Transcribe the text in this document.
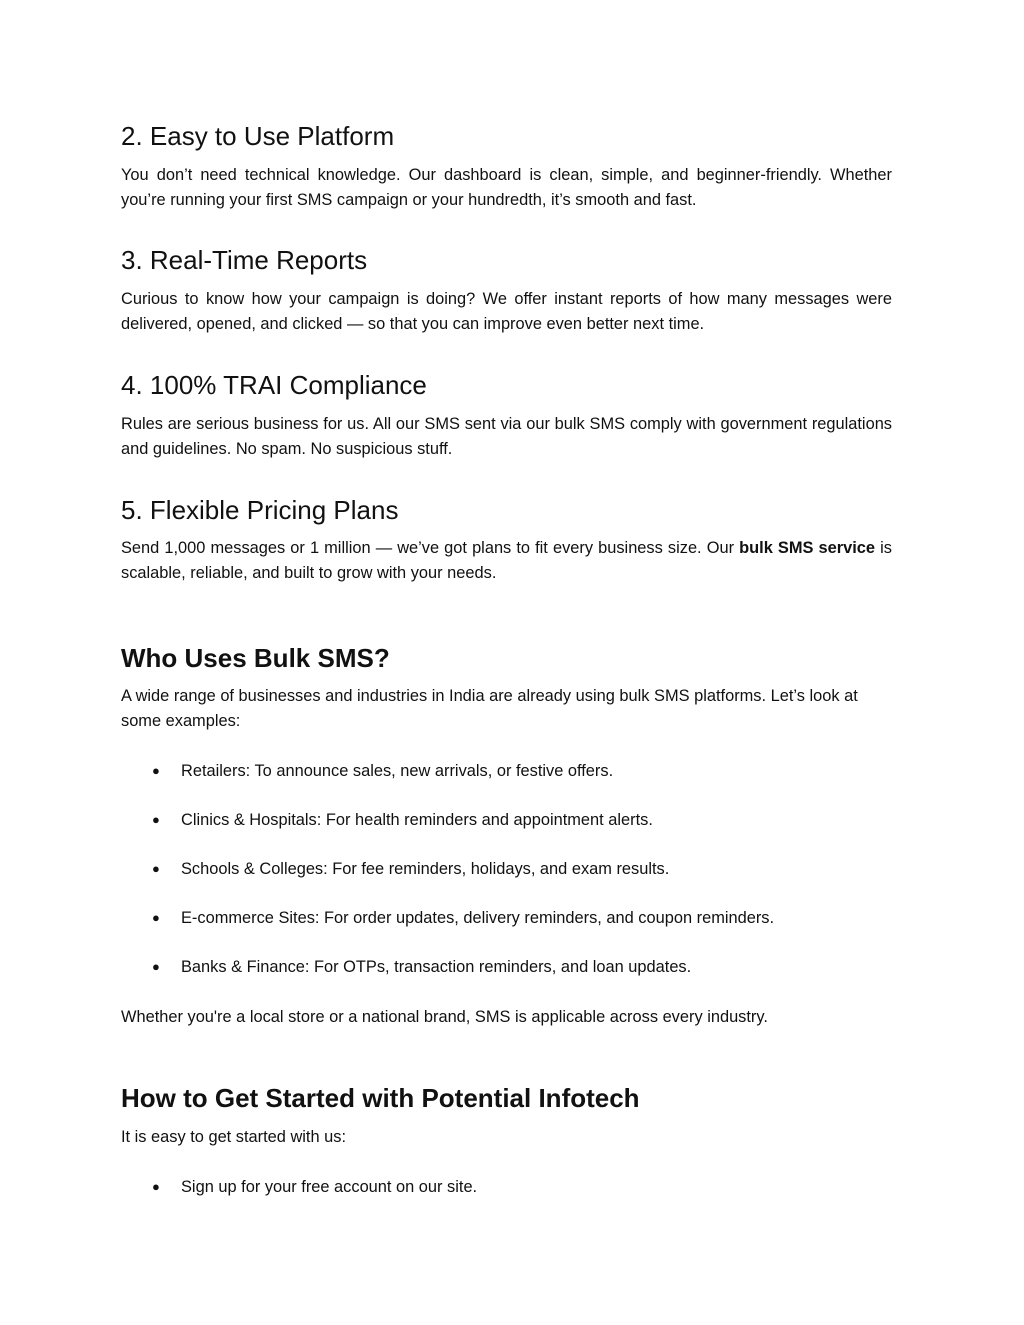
2. Easy to Use Platform

You don’t need technical knowledge. Our dashboard is clean, simple, and beginner-friendly. Whether you’re running your first SMS campaign or your hundredth, it’s smooth and fast.

3. Real-Time Reports

Curious to know how your campaign is doing? We offer instant reports of how many messages were delivered, opened, and clicked — so that you can improve even better next time.

4. 100% TRAI Compliance

Rules are serious business for us. All our SMS sent via our bulk SMS comply with government regulations and guidelines. No spam. No suspicious stuff.

5. Flexible Pricing Plans

Send 1,000 messages or 1 million — we’ve got plans to fit every business size. Our bulk SMS service is scalable, reliable, and built to grow with your needs.

Who Uses Bulk SMS?

A wide range of businesses and industries in India are already using bulk SMS platforms. Let’s look at some examples:

● Retailers: To announce sales, new arrivals, or festive offers.
● Clinics & Hospitals: For health reminders and appointment alerts.
● Schools & Colleges: For fee reminders, holidays, and exam results.
● E-commerce Sites: For order updates, delivery reminders, and coupon reminders.
● Banks & Finance: For OTPs, transaction reminders, and loan updates.

Whether you're a local store or a national brand, SMS is applicable across every industry.

How to Get Started with Potential Infotech

It is easy to get started with us:

● Sign up for your free account on our site.
